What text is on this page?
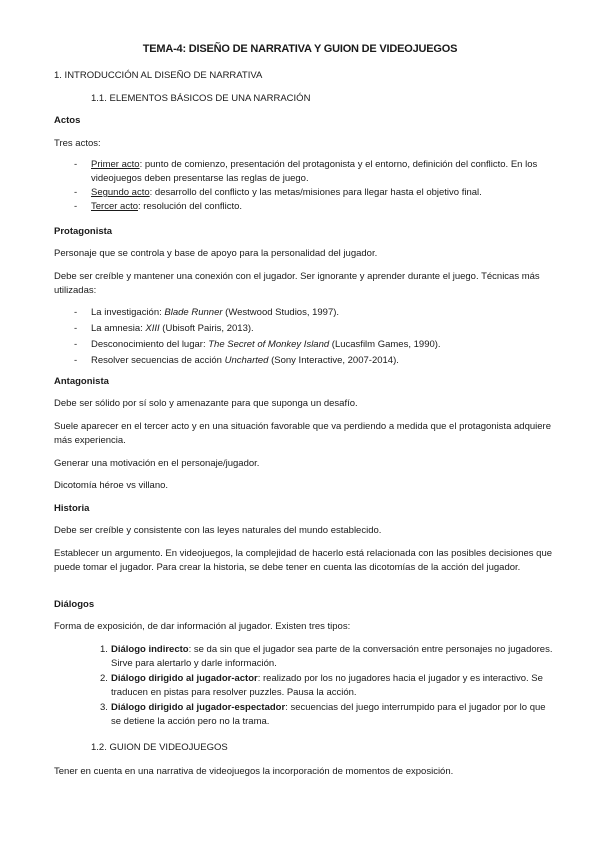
TEMA-4: DISEÑO DE NARRATIVA Y GUION DE VIDEOJUEGOS
1. INTRODUCCIÓN AL DISEÑO DE NARRATIVA
1.1. ELEMENTOS BÁSICOS DE UNA NARRACIÓN
Actos
Tres actos:
- Primer acto: punto de comienzo, presentación del protagonista y el entorno, definición del conflicto. En los videojuegos deben presentarse las reglas de juego.
- Segundo acto: desarrollo del conflicto y las metas/misiones para llegar hasta el objetivo final.
- Tercer acto: resolución del conflicto.
Protagonista
Personaje que se controla y base de apoyo para la personalidad del jugador.
Debe ser creíble y mantener una conexión con el jugador. Ser ignorante y aprender durante el juego. Técnicas más utilizadas:
- La investigación: Blade Runner (Westwood Studios, 1997).
- La amnesia: XIII (Ubisoft Pairis, 2013).
- Desconocimiento del lugar: The Secret of Monkey Island (Lucasfilm Games, 1990).
- Resolver secuencias de acción Uncharted (Sony Interactive, 2007-2014).
Antagonista
Debe ser sólido por sí solo y amenazante para que suponga un desafío.
Suele aparecer en el tercer acto y en una situación favorable que va perdiendo a medida que el protagonista adquiere más experiencia.
Generar una motivación en el personaje/jugador.
Dicotomía héroe vs villano.
Historia
Debe ser creíble y consistente con las leyes naturales del mundo establecido.
Establecer un argumento. En videojuegos, la complejidad de hacerlo está relacionada con las posibles decisiones que puede tomar el jugador. Para crear la historia, se debe tener en cuenta las dicotomías de la acción del jugador.
Diálogos
Forma de exposición, de dar información al jugador. Existen tres tipos:
1. Diálogo indirecto: se da sin que el jugador sea parte de la conversación entre personajes no jugadores. Sirve para alertarlo y darle información.
2. Diálogo dirigido al jugador-actor: realizado por los no jugadores hacia el jugador y es interactivo. Se traducen en pistas para resolver puzzles. Pausa la acción.
3. Diálogo dirigido al jugador-espectador: secuencias del juego interrumpido para el jugador por lo que se detiene la acción pero no la trama.
1.2. GUION DE VIDEOJUEGOS
Tener en cuenta en una narrativa de videojuegos la incorporación de momentos de exposición.
